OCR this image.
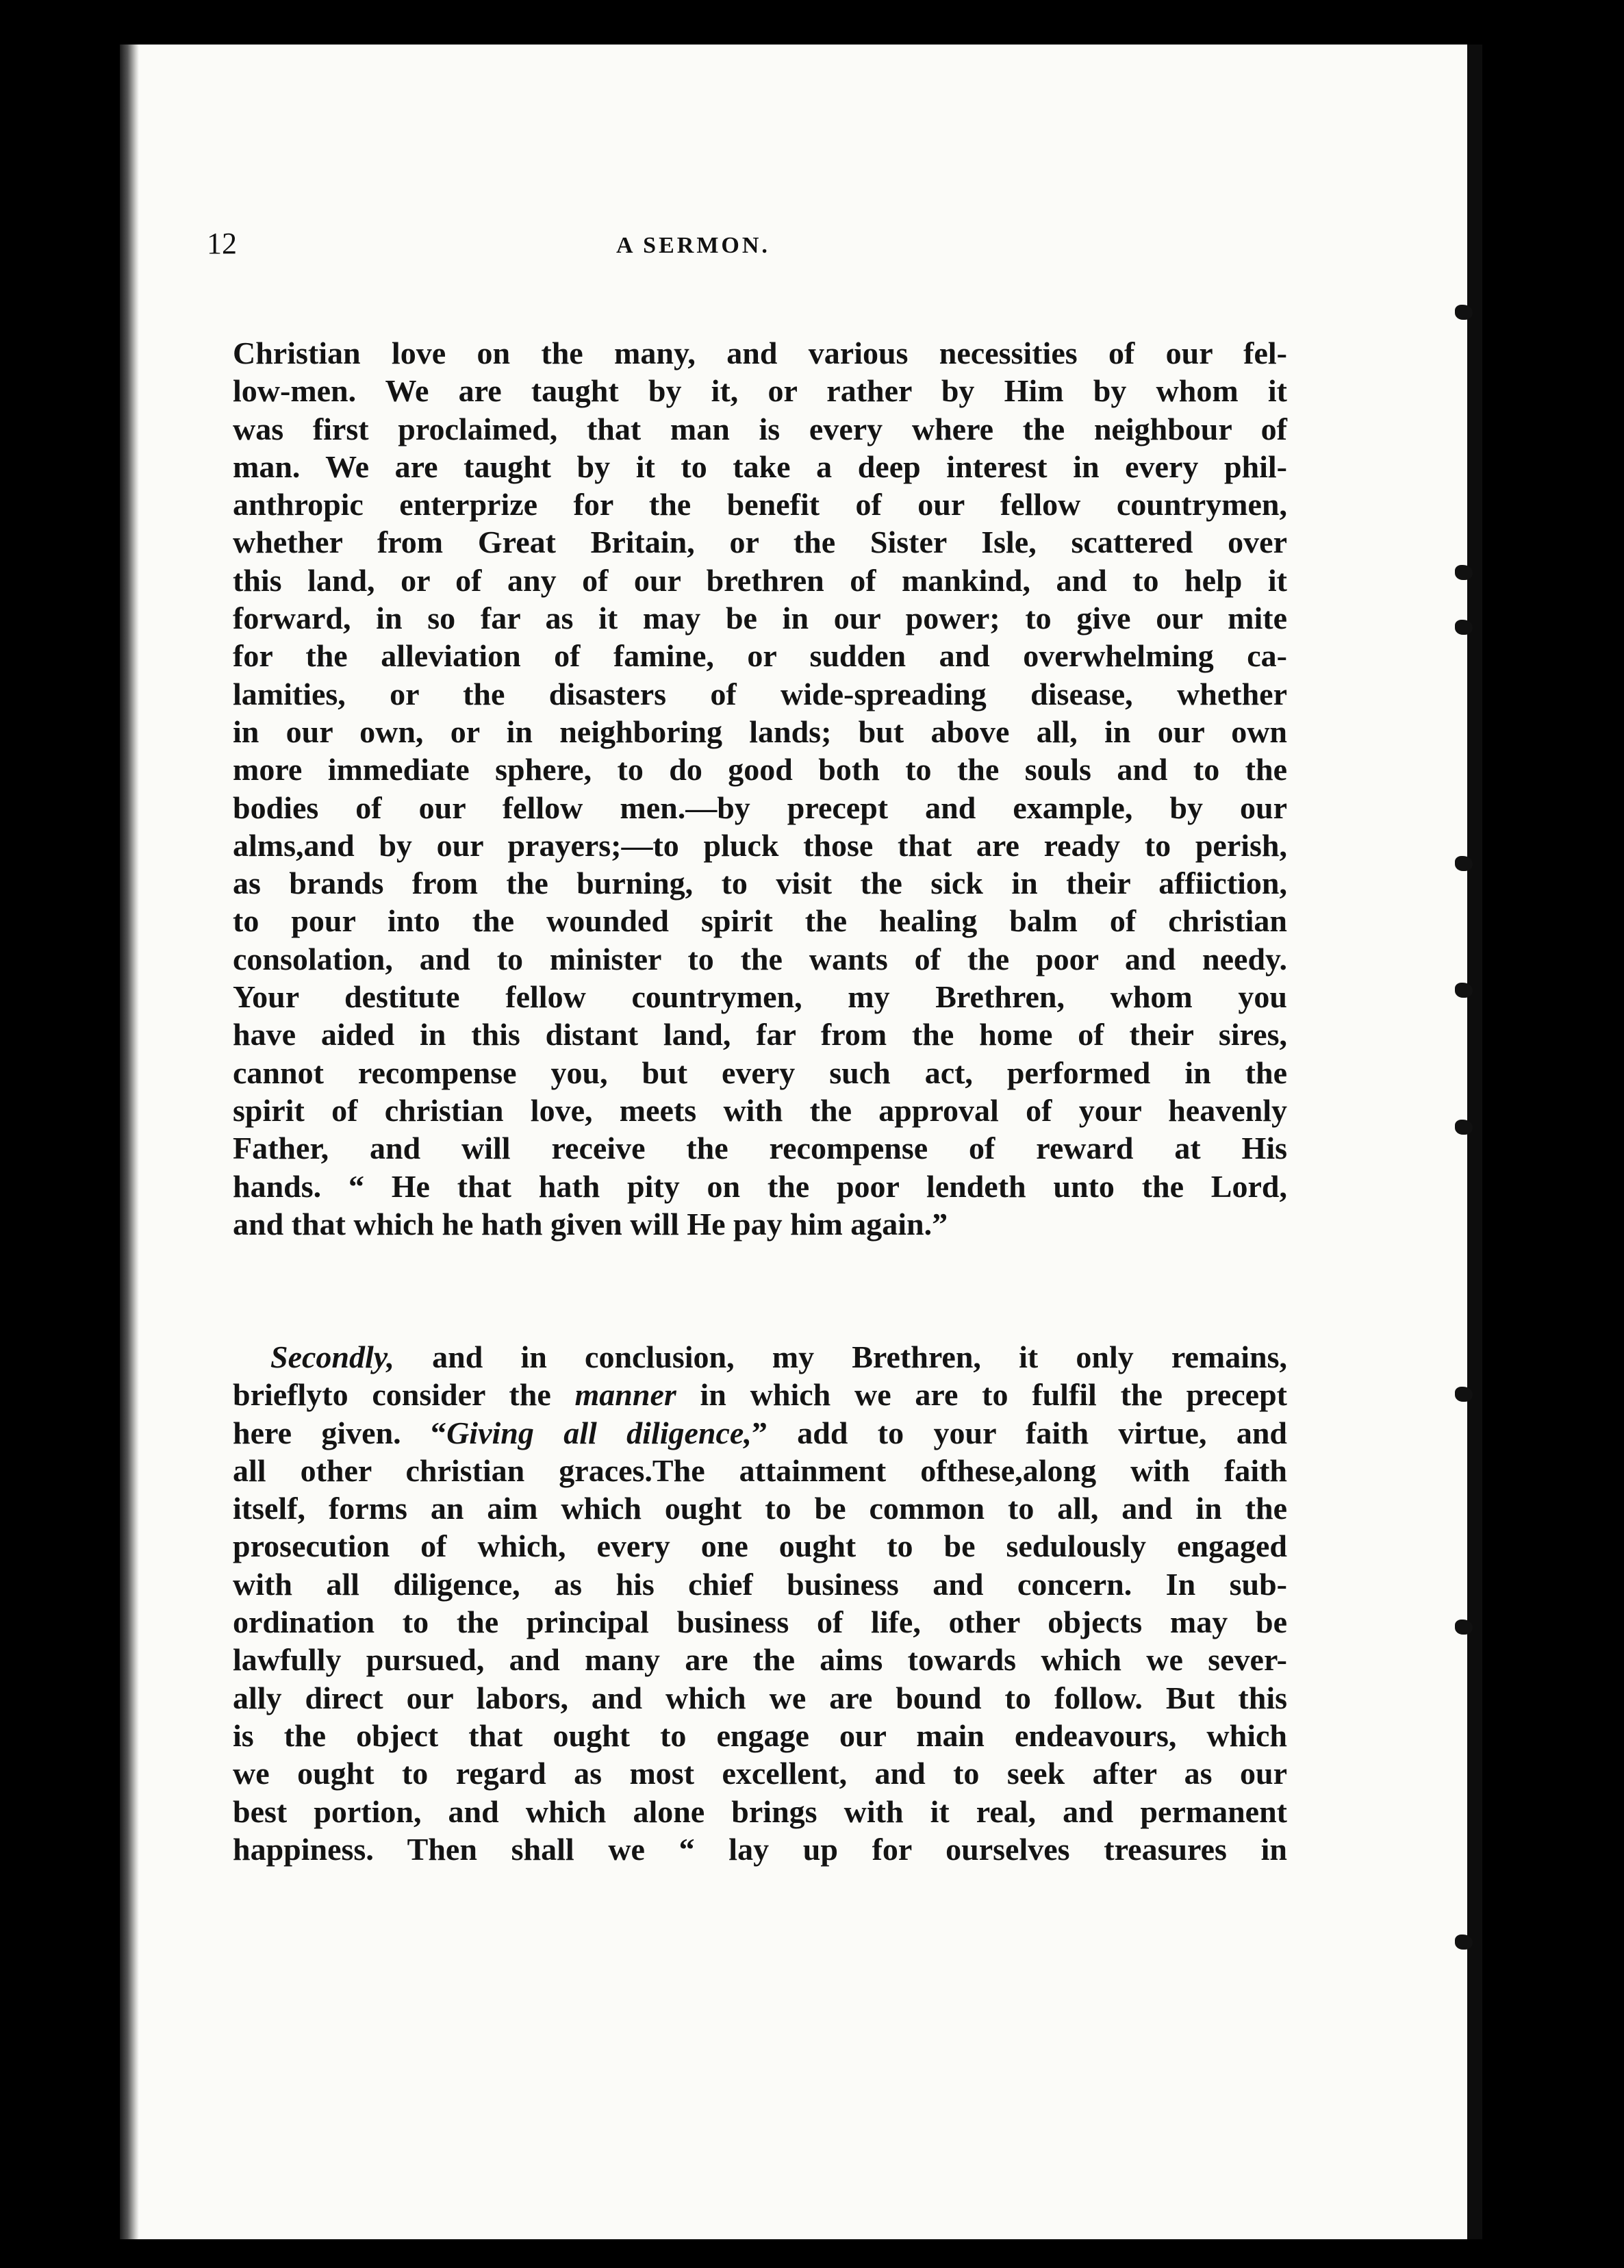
12	A SERMON.
Christian love on the many, and various necessities of our fel-
low-men. We are taught by it, or rather by Him by whom it
was first proclaimed, that man is every where the neighbour of
man. We are taught by it to take a deep interest in every phil-
anthropic enterprize for the benefit of our fellow countrymen,
whether from Great Britain, or the Sister Isle, scattered over
this land, or of any of our brethren of mankind, and to help it
forward, in so far as it may be in our power; to give our mite
for the alleviation of famine, or sudden and overwhelming ca-
lamities, or the disasters of wide-spreading disease, whether
in our own, or in neighboring lands; but above all, in our own
more immediate sphere, to do good both to the souls and to the
bodies of our fellow men.—by precept and example, by our
alms,and by our prayers;—to pluck those that are ready to perish,
as brands from the burning, to visit the sick in their affiiction,
to pour into the wounded spirit the healing balm of christian
consolation, and to minister to the wants of the poor and needy.
Your destitute fellow countrymen, my Brethren, whom you
have aided in this distant land, far from the home of their sires,
cannot recompense you, but every such act, performed in the
spirit of christian love, meets with the approval of your heavenly
Father, and will receive the recompense of reward at His
hands. “ He that hath pity on the poor lendeth unto the Lord,
and that which he hath given will He pay him again.”
Secondly, and in conclusion, my Brethren, it only remains,
brieflyto consider the manner in which we are to fulfil the precept
here given. “Giving all diligence,” add to your faith virtue, and
all other christian graces.The attainment ofthese,along with faith
itself, forms an aim which ought to be common to all, and in the
prosecution of which, every one ought to be sedulously engaged
with all diligence, as his chief business and concern. In sub-
ordination to the principal business of life, other objects may be
lawfully pursued, and many are the aims towards which we sever-
ally direct our labors, and which we are bound to follow. But this
is the object that ought to engage our main endeavours, which
we ought to regard as most excellent, and to seek after as our
best portion, and which alone brings with it real, and permanent
happiness. Then shall we “ lay up for ourselves treasures in
